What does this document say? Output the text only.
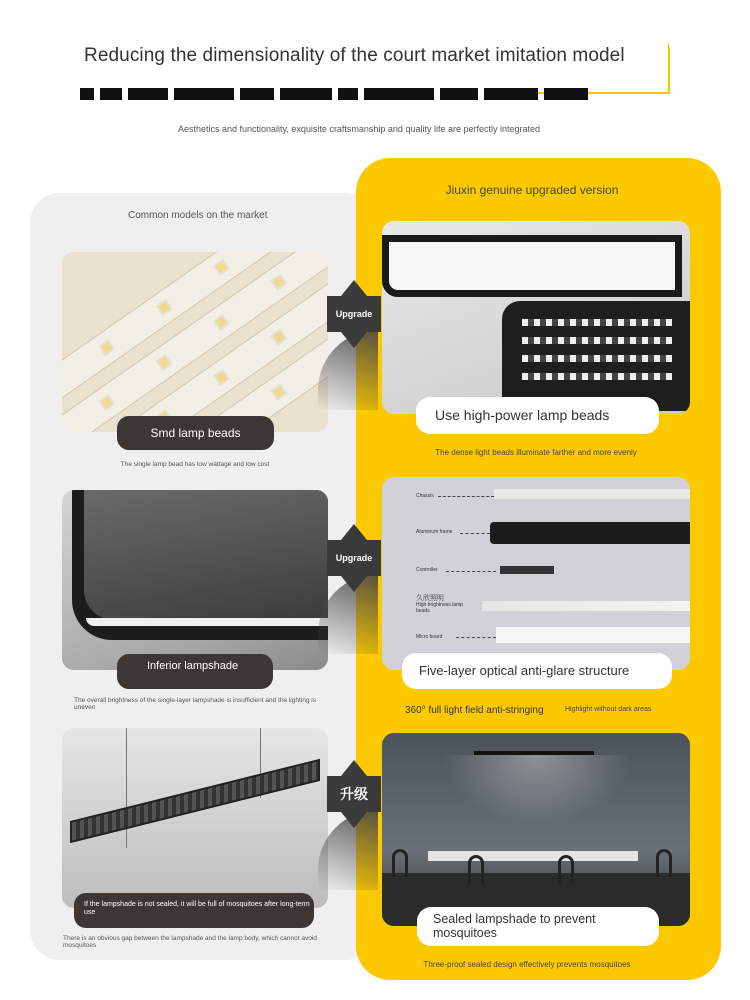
Reducing the dimensionality of the court market imitation model
Aesthetics and functionality, exquisite craftsmanship and quality life are perfectly integrated
Common models on the market
Jiuxin genuine upgraded version
Smd lamp beads
The single lamp bead has low wattage and low cost
Inferior lampshade
The overall brightness of the single-layer lampshade is insufficient and the lighting is uneven
If the lampshade is not sealed, it will be full of mosquitoes after long-term use
There is an obvious gap between the lampshade and the lamp body, which cannot avoid mosquitoes
Upgrade
Upgrade
升级
Use high-power lamp beads
The dense light beads illuminate farther and more evenly
Chassis
Aluminum frame
Controller
久欣照明
High brightness lamp beads
Micro board
Five-layer optical anti-glare structure
360° full light field anti-stringing	Highlight without dark areas
Sealed lampshade to prevent mosquitoes
Three-proof sealed design effectively prevents mosquitoes
